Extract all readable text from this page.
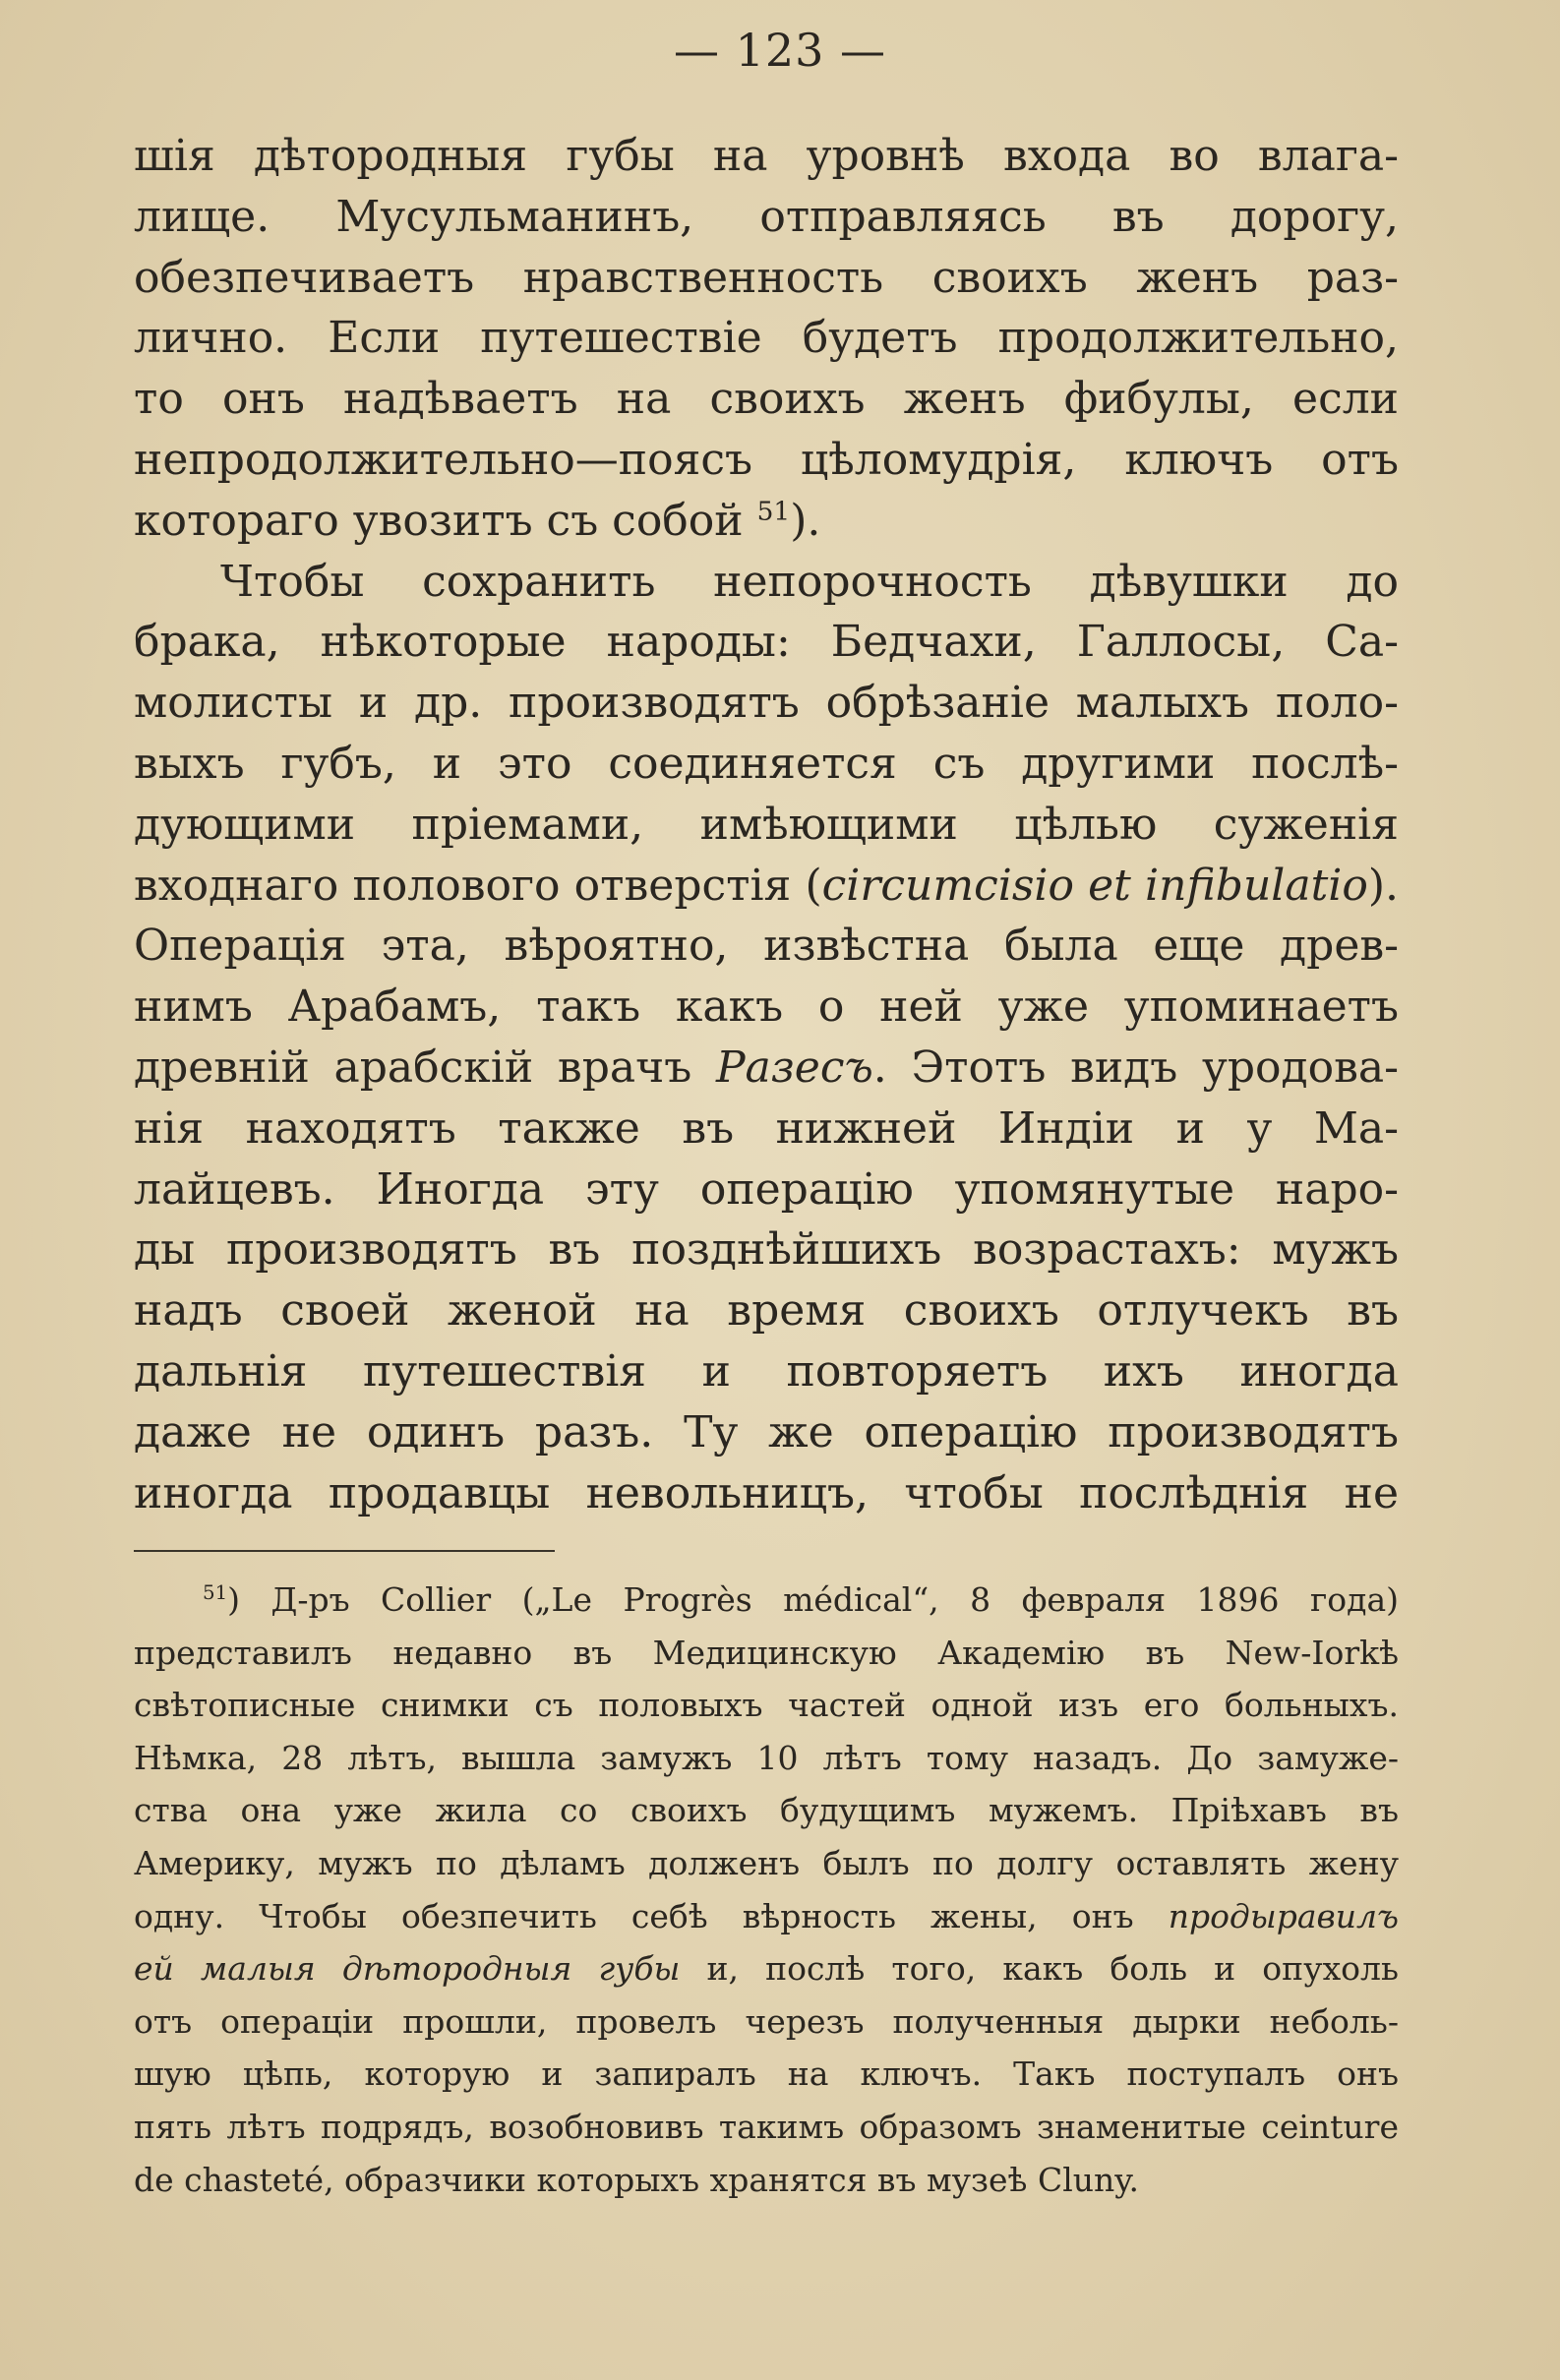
— 123 —
шія дѣтородныя губы на уровнѣ входа во влага-
лище. Мусульманинъ, отправляясь въ дорогу,
обезпечиваетъ нравственность своихъ женъ раз-
лично. Если путешествіе будетъ продолжительно,
то онъ надѣваетъ на своихъ женъ фибулы, если
непродолжительно—поясъ цѣломудрія, ключъ отъ
котораго увозитъ съ собой $^{51}$).
Чтобы сохранить непорочность дѣвушки до
брака, нѣкоторые народы: Бедчахи, Галлосы, Са-
молисты и др. производятъ обрѣзаніе малыхъ поло-
выхъ губъ, и это соединяется съ другими послѣ-
дующими пріемами, имѣющими цѣлью суженія
входнаго полового отверстія (circumcisio et infibulatio).
Операція эта, вѣроятно, извѣстна была еще древ-
нимъ Арабамъ, такъ какъ о ней уже упоминаетъ
древній арабскій врачъ Разесъ. Этотъ видъ уродова-
нія находятъ также въ нижней Индіи и у Ма-
лайцевъ. Иногда эту операцію упомянутые наро-
ды производятъ въ позднѣйшихъ возрастахъ: мужъ
надъ своей женой на время своихъ отлучекъ въ
дальнія путешествія и повторяетъ ихъ иногда
даже не одинъ разъ. Ту же операцію производятъ
иногда продавцы невольницъ, чтобы послѣднія не
$^{51}$) Д-ръ Collier („Le Progrès médical“, 8 февраля 1896 года)
представилъ недавно въ Медицинскую Академію въ New-Iorkѣ
свѣтописные снимки съ половыхъ частей одной изъ его больныхъ.
Нѣмка, 28 лѣтъ, вышла замужъ 10 лѣтъ тому назадъ. До замуже-
ства она уже жила со своихъ будущимъ мужемъ. Пріѣхавъ въ
Америку, мужъ по дѣламъ долженъ былъ по долгу оставлять жену
одну. Чтобы обезпечить себѣ вѣрность жены, онъ продыравилъ
ей малыя дѣтородныя губы и, послѣ того, какъ боль и опухоль
отъ операціи прошли, провелъ черезъ полученныя дырки неболь-
шую цѣпь, которую и запиралъ на ключъ. Такъ поступалъ онъ
пять лѣтъ подрядъ, возобновивъ такимъ образомъ знаменитые ceinture
de chasteté, образчики которыхъ хранятся въ музеѣ Cluny.
